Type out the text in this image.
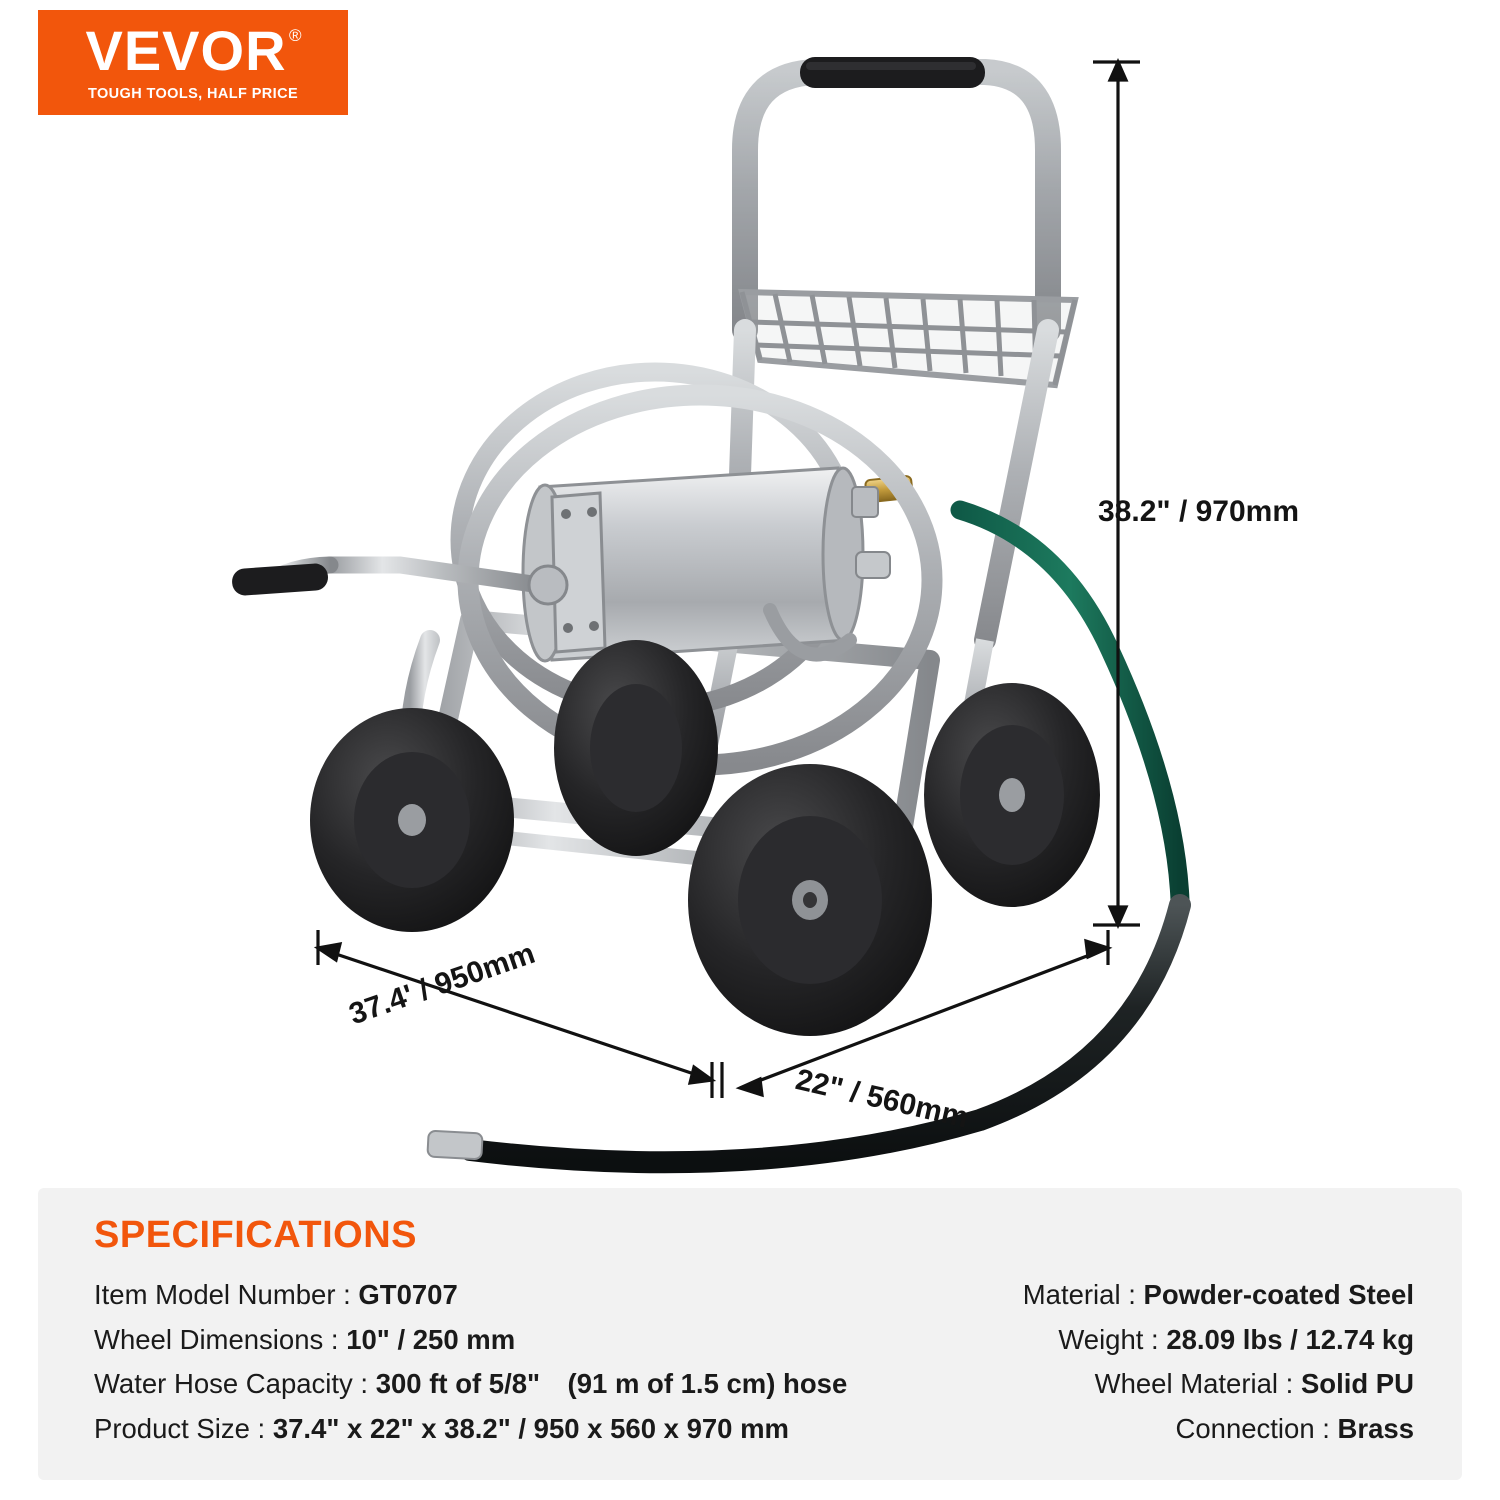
VEVOR ®
TOUGH TOOLS, HALF PRICE
38.2" / 970mm
37.4' / 950mm
22" / 560mm
SPECIFICATIONS
Item Model Number : GT0707
Wheel Dimensions : 10" / 250 mm
Water Hose Capacity : 300 ft of 5/8"　(91 m of 1.5 cm) hose
Product Size : 37.4" x 22" x 38.2" / 950 x 560 x 970 mm
Material : Powder-coated Steel
Weight : 28.09 lbs / 12.74 kg
Wheel Material : Solid PU
Connection : Brass
